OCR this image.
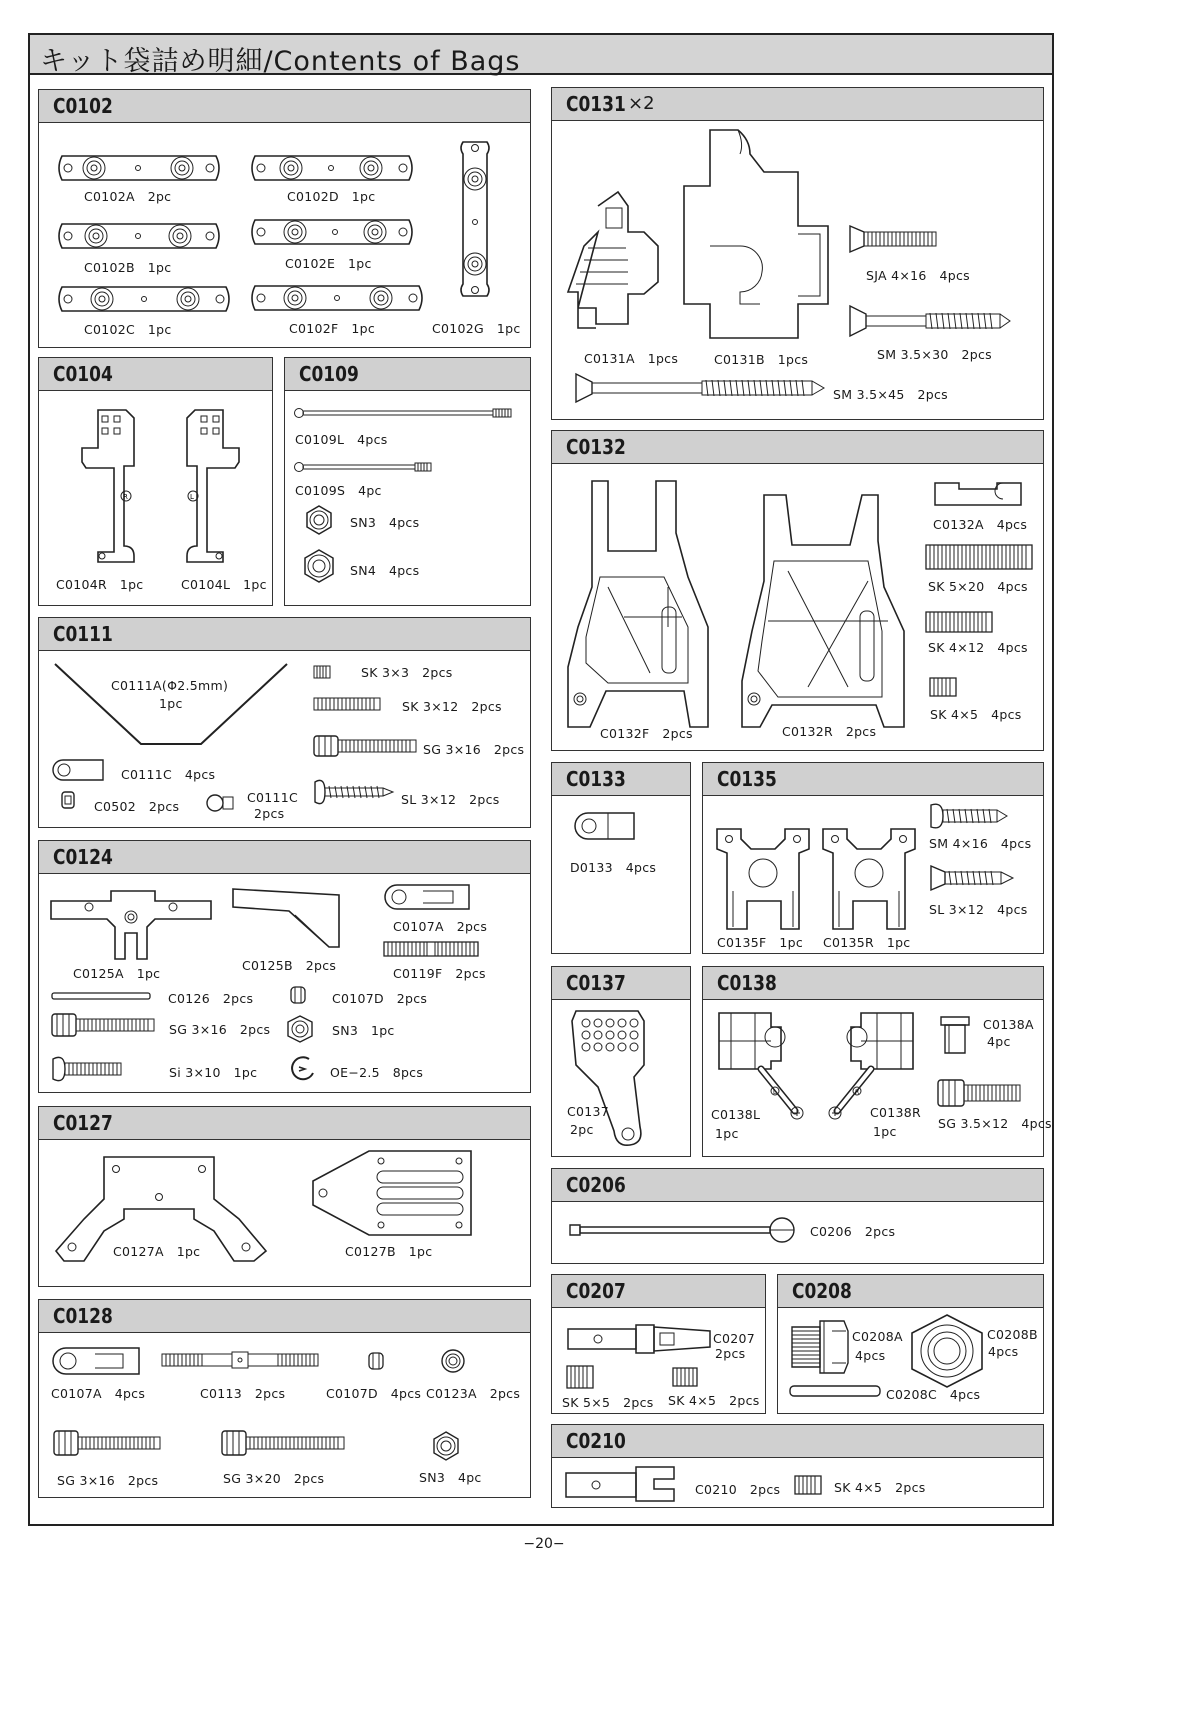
キット袋詰め明細/Contents of Bags
C0102
C0102A　2pc	C0102D　1pc
C0102G　1pc
C0102B　1pc	C0102E　1pc
C0102C　1pc	C0102F　1pc
C0104
R	L
C0104R　1pc	C0104L　1pc
C0109
C0109L　4pcs
C0109S　4pc
SN3　4pcs
SN4　4pcs
C0111
C0111A(Φ2.5mm)
1pc
SK 3×3　2pcs
SK 3×12　2pcs
SG 3×16　2pcs
C0111C　4pcs
C0502　2pcs
C0111C
2pcs
SL 3×12　2pcs
C0124
C0125A　1pc
C0125B　2pcs
C0107A　2pcs
C0119F　2pcs
C0126　2pcs	C0107D　2pcs
SG 3×16　2pcs	SN3　1pc
Si 3×10　1pc	OE−2.5　8pcs
C0127
C0127A　1pc	C0127B　1pc
C0128
C0107A　4pcs	C0113　2pcs	C0107D　4pcs C0123A　2pcs
SG 3×16　2pcs	SG 3×20　2pcs	SN3　4pc
C0131 ×2
C0131A　1pcs	C0131B　1pcs
SJA 4×16　4pcs
SM 3.5×30　2pcs
SM 3.5×45　2pcs
C0132
C0132F　2pcs	C0132R　2pcs
C0132A　4pcs
SK 5×20　4pcs
SK 4×12　4pcs
SK 4×5　4pcs
C0133
D0133　4pcs
C0135
C0135F　1pc C0135R　1pc
SM 4×16　4pcs
SL 3×12　4pcs
C0137
C0137
2pc
C0138
L
C0138L
1pc
R
C0138R
1pc
C0138A
4pc
SG 3.5×12　4pcs
C0206
C0206　2pcs
C0207
C0207
2pcs
SK 5×5　2pcs SK 4×5　2pcs
C0208
C0208A
4pcs
C0208B
4pcs
C0208C　4pcs
C0210
C0210　2pcs	SK 4×5　2pcs
−20−
